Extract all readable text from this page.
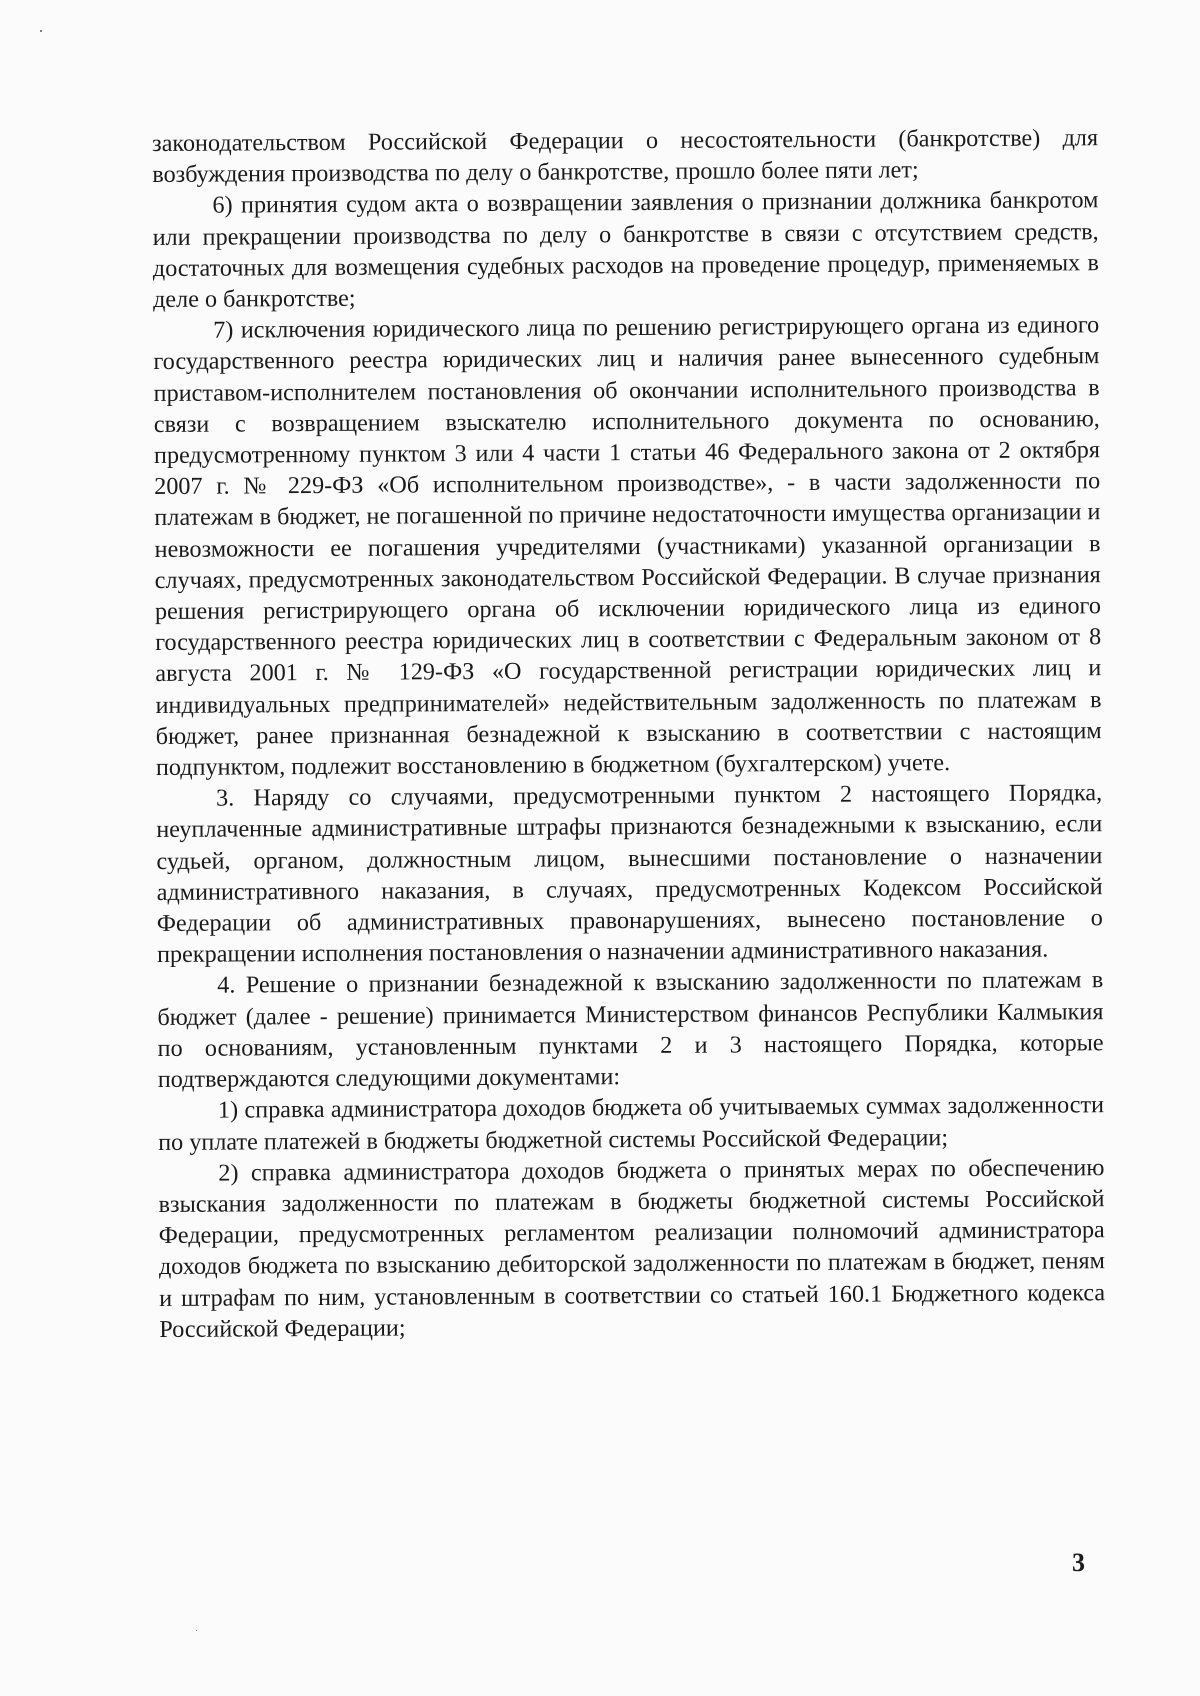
законодательством Российской Федерации о несостоятельности (банкротстве) для возбуждения производства по делу о банкротстве, прошло более пяти лет;

6) принятия судом акта о возвращении заявления о признании должника банкротом или прекращении производства по делу о банкротстве в связи с отсутствием средств, достаточных для возмещения судебных расходов на проведение процедур, применяемых в деле о банкротстве;

7) исключения юридического лица по решению регистрирующего органа из единого государственного реестра юридических лиц и наличия ранее вынесенного судебным приставом-исполнителем постановления об окончании исполнительного производства в связи с возвращением взыскателю исполнительного документа по основанию, предусмотренному пунктом 3 или 4 части 1 статьи 46 Федерального закона от 2 октября 2007 г. № 229-ФЗ «Об исполнительном производстве», - в части задолженности по платежам в бюджет, не погашенной по причине недостаточности имущества организации и невозможности ее погашения учредителями (участниками) указанной организации в случаях, предусмотренных законодательством Российской Федерации. В случае признания решения регистрирующего органа об исключении юридического лица из единого государственного реестра юридических лиц в соответствии с Федеральным законом от 8 августа 2001 г. № 129-ФЗ «О государственной регистрации юридических лиц и индивидуальных предпринимателей» недействительным задолженность по платежам в бюджет, ранее признанная безнадежной к взысканию в соответствии с настоящим подпунктом, подлежит восстановлению в бюджетном (бухгалтерском) учете.

3. Наряду со случаями, предусмотренными пунктом 2 настоящего Порядка, неуплаченные административные штрафы признаются безнадежными к взысканию, если судьей, органом, должностным лицом, вынесшими постановление о назначении административного наказания, в случаях, предусмотренных Кодексом Российской Федерации об административных правонарушениях, вынесено постановление о прекращении исполнения постановления о назначении административного наказания.

4. Решение о признании безнадежной к взысканию задолженности по платежам в бюджет (далее - решение) принимается Министерством финансов Республики Калмыкия по основаниям, установленным пунктами 2 и 3 настоящего Порядка, которые подтверждаются следующими документами:

1) справка администратора доходов бюджета об учитываемых суммах задолженности по уплате платежей в бюджеты бюджетной системы Российской Федерации;

2) справка администратора доходов бюджета о принятых мерах по обеспечению взыскания задолженности по платежам в бюджеты бюджетной системы Российской Федерации, предусмотренных регламентом реализации полномочий администратора доходов бюджета по взысканию дебиторской задолженности по платежам в бюджет, пеням и штрафам по ним, установленным в соответствии со статьей 160.1 Бюджетного кодекса Российской Федерации;

3
